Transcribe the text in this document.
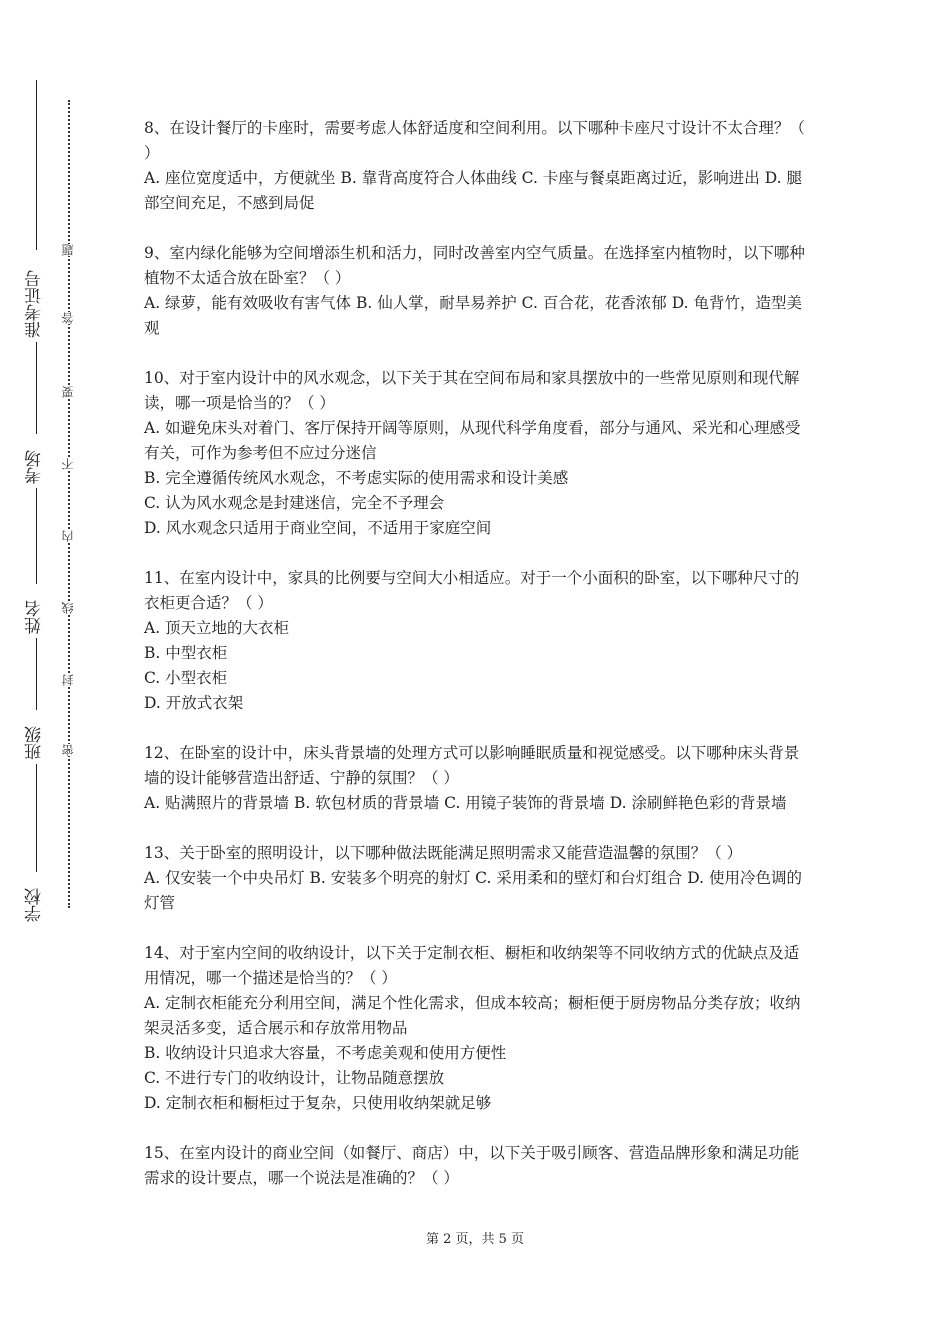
准考证号
考场
姓名
班级
学校
题
答
要
不
内
线
封
密

8、在设计餐厅的卡座时，需要考虑人体舒适度和空间利用。以下哪种卡座尺寸设计不太合理？（ ）

A. 座位宽度适中，方便就坐 B. 靠背高度符合人体曲线 C. 卡座与餐桌距离过近，影响进出 D. 腿部空间充足，不感到局促

9、室内绿化能够为空间增添生机和活力，同时改善室内空气质量。在选择室内植物时，以下哪种植物不太适合放在卧室？（ ）

A. 绿萝，能有效吸收有害气体 B. 仙人掌，耐旱易养护 C. 百合花，花香浓郁 D. 龟背竹，造型美观

10、对于室内设计中的风水观念，以下关于其在空间布局和家具摆放中的一些常见原则和现代解读，哪一项是恰当的？（ ）

A. 如避免床头对着门、客厅保持开阔等原则，从现代科学角度看，部分与通风、采光和心理感受有关，可作为参考但不应过分迷信

B. 完全遵循传统风水观念，不考虑实际的使用需求和设计美感

C. 认为风水观念是封建迷信，完全不予理会

D. 风水观念只适用于商业空间，不适用于家庭空间

11、在室内设计中，家具的比例要与空间大小相适应。对于一个小面积的卧室，以下哪种尺寸的衣柜更合适？（ ）

A. 顶天立地的大衣柜

B. 中型衣柜

C. 小型衣柜

D. 开放式衣架

12、在卧室的设计中，床头背景墙的处理方式可以影响睡眠质量和视觉感受。以下哪种床头背景墙的设计能够营造出舒适、宁静的氛围？（ ）

A. 贴满照片的背景墙 B. 软包材质的背景墙 C. 用镜子装饰的背景墙 D. 涂刷鲜艳色彩的背景墙

13、关于卧室的照明设计，以下哪种做法既能满足照明需求又能营造温馨的氛围？（ ）

A. 仅安装一个中央吊灯 B. 安装多个明亮的射灯 C. 采用柔和的壁灯和台灯组合 D. 使用冷色调的灯管

14、对于室内空间的收纳设计，以下关于定制衣柜、橱柜和收纳架等不同收纳方式的优缺点及适用情况，哪一个描述是恰当的？（ ）

A. 定制衣柜能充分利用空间，满足个性化需求，但成本较高；橱柜便于厨房物品分类存放；收纳架灵活多变，适合展示和存放常用物品

B. 收纳设计只追求大容量，不考虑美观和使用方便性

C. 不进行专门的收纳设计，让物品随意摆放

D. 定制衣柜和橱柜过于复杂，只使用收纳架就足够

15、在室内设计的商业空间（如餐厅、商店）中，以下关于吸引顾客、营造品牌形象和满足功能需求的设计要点，哪一个说法是准确的？（ ）

第 2 页，共 5 页
